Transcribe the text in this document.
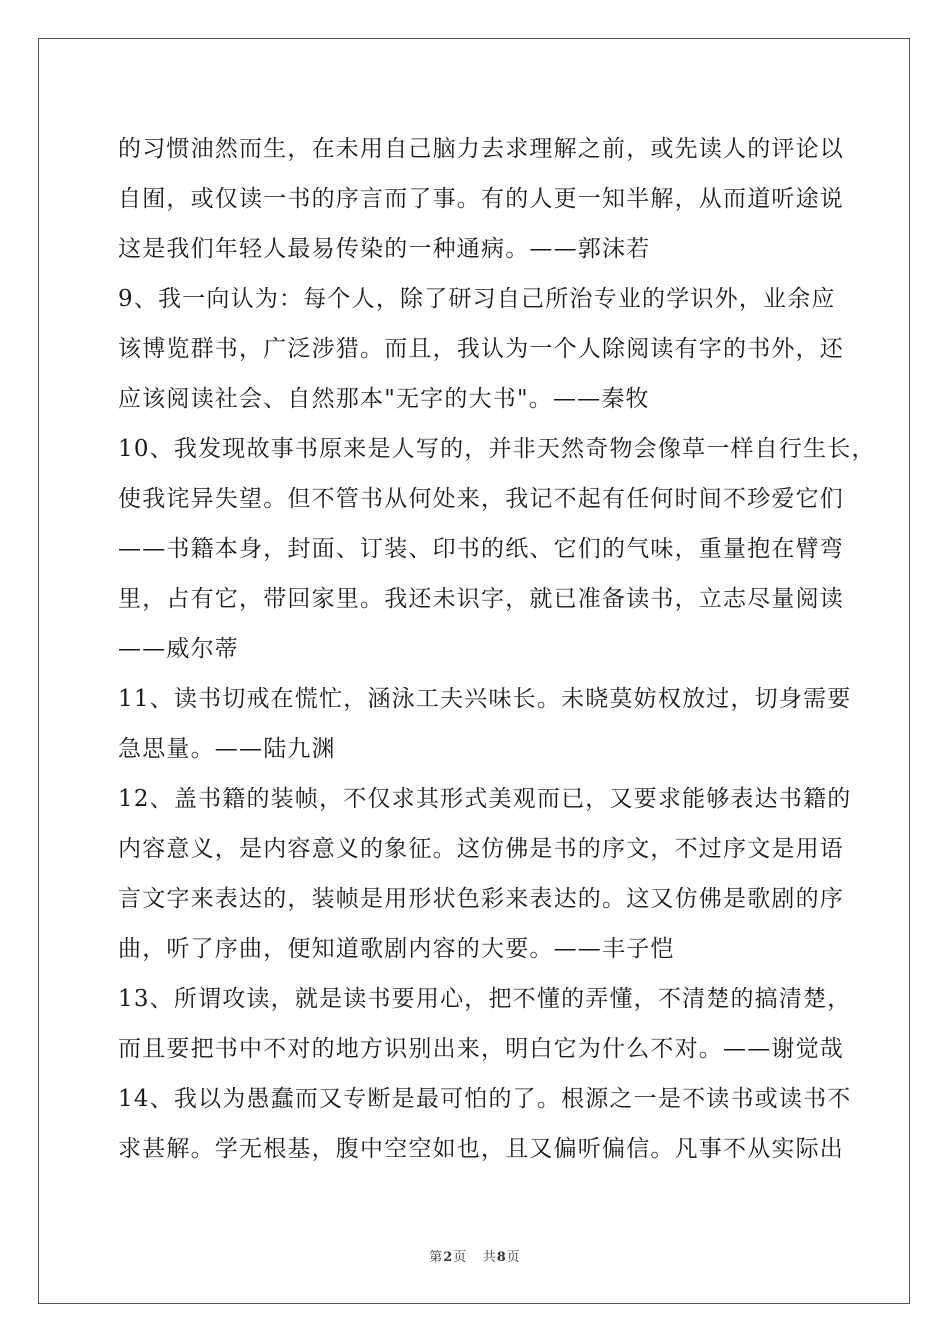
的习惯油然而生，在未用自己脑力去求理解之前，或先读人的评论以
自囿，或仅读一书的序言而了事。有的人更一知半解，从而道听途说
这是我们年轻人最易传染的一种通病。——郭沫若
9、我一向认为：每个人，除了研习自己所治专业的学识外，业余应
该博览群书，广泛涉猎。而且，我认为一个人除阅读有字的书外，还
应该阅读社会、自然那本"无字的大书"。——秦牧
10、我发现故事书原来是人写的，并非天然奇物会像草一样自行生长，
使我诧异失望。但不管书从何处来，我记不起有任何时间不珍爱它们
——书籍本身，封面、订装、印书的纸、它们的气味，重量抱在臂弯
里，占有它，带回家里。我还未识字，就已准备读书，立志尽量阅读
——威尔蒂
11、读书切戒在慌忙，涵泳工夫兴味长。未晓莫妨权放过，切身需要
急思量。——陆九渊
12、盖书籍的装帧，不仅求其形式美观而已，又要求能够表达书籍的
内容意义，是内容意义的象征。这仿佛是书的序文，不过序文是用语
言文字来表达的，装帧是用形状色彩来表达的。这又仿佛是歌剧的序
曲，听了序曲，便知道歌剧内容的大要。——丰子恺
13、所谓攻读，就是读书要用心，把不懂的弄懂，不清楚的搞清楚，
而且要把书中不对的地方识别出来，明白它为什么不对。——谢觉哉
14、我以为愚蠢而又专断是最可怕的了。根源之一是不读书或读书不
求甚解。学无根基，腹中空空如也，且又偏听偏信。凡事不从实际出
第2页 共8页
